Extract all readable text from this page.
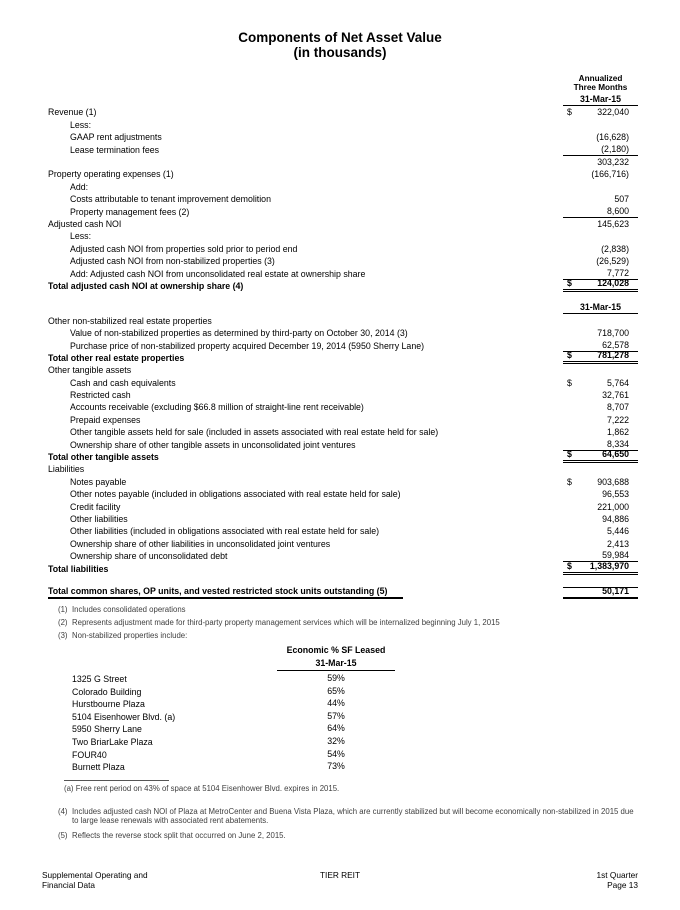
Components of Net Asset Value
(in thousands)
Annualized
Three Months
31-Mar-15
Revenue (1)	$	322,040
Less:
GAAP rent adjustments	(16,628)
Lease termination fees	(2,180)
303,232
Property operating expenses (1)	(166,716)
Add:
Costs attributable to tenant improvement demolition	507
Property management fees (2)	8,600
Adjusted cash NOI	145,623
Less:
Adjusted cash NOI from properties sold prior to period end	(2,838)
Adjusted cash NOI from non-stabilized properties (3)	(26,529)
Add: Adjusted cash NOI from unconsolidated real estate at ownership share	7,772
Total adjusted cash NOI at ownership share (4)	$	124,028
31-Mar-15
Other non-stabilized real estate properties
Value of non-stabilized properties as determined by third-party on October 30, 2014 (3)	718,700
Purchase price of non-stabilized property acquired December 19, 2014 (5950 Sherry Lane)	62,578
Total other real estate properties	$	781,278
Other tangible assets
Cash and cash equivalents	$	5,764
Restricted cash	32,761
Accounts receivable (excluding $66.8 million of straight-line rent receivable)	8,707
Prepaid expenses	7,222
Other tangible assets held for sale (included in assets associated with real estate held for sale)	1,862
Ownership share of other tangible assets in unconsolidated joint ventures	8,334
Total other tangible assets	$	64,650
Liabilities
Notes payable	$	903,688
Other notes payable (included in obligations associated with real estate held for sale)	96,553
Credit facility	221,000
Other liabilities	94,886
Other liabilities (included in obligations associated with real estate held for sale)	5,446
Ownership share of other liabilities in unconsolidated joint ventures	2,413
Ownership share of unconsolidated debt	59,984
Total liabilities	$ 1,383,970
Total common shares, OP units, and vested restricted stock units outstanding (5)	50,171
(1) Includes consolidated operations
(2) Represents adjustment made for third-party property management services which will be internalized beginning July 1, 2015
(3) Non-stabilized properties include:
Economic % SF Leased
31-Mar-15
1325 G Street	59%
Colorado Building	65%
Hurstbourne Plaza	44%
5104 Eisenhower Blvd. (a)	57%
5950 Sherry Lane	64%
Two BriarLake Plaza	32%
FOUR40	54%
Burnett Plaza	73%
(a) Free rent period on 43% of space at 5104 Eisenhower Blvd. expires in 2015.
(4) Includes adjusted cash NOI of Plaza at MetroCenter and Buena Vista Plaza, which are currently stabilized but will become economically non-stabilized in 2015 due to large lease renewals with associated rent abatements.
(5) Reflects the reverse stock split that occurred on June 2, 2015.
Supplemental Operating and
Financial Data
TIER REIT	1st Quarter
Page 13
